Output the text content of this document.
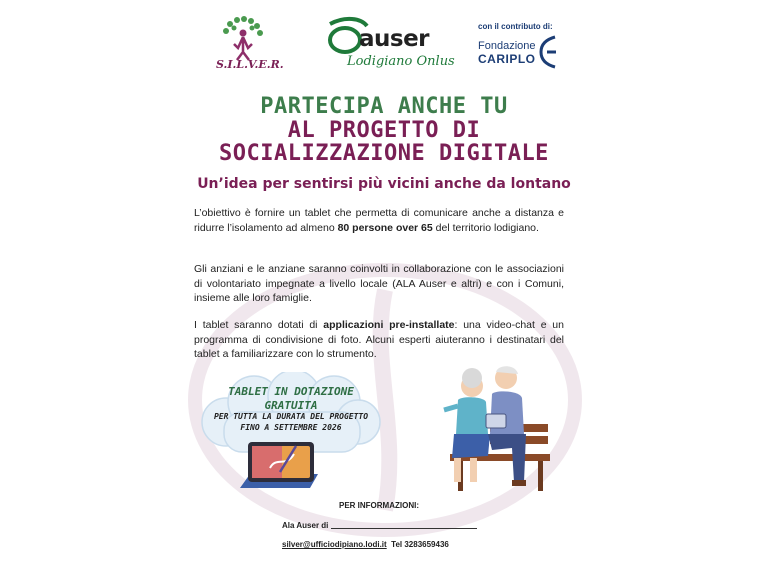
S.I.L.V.E.R.
auser
Lodigiano Onlus
con il contributo di:
Fondazione
CARIPLO
PARTECIPA ANCHE TU
AL PROGETTO DI
SOCIALIZZAZIONE DIGITALE
Un’idea per sentirsi più vicini anche da lontano
L’obiettivo è fornire un tablet che permetta di comunicare anche a distanza e ridurre l’isolamento ad almeno 80 persone over 65 del territorio lodigiano.
Gli anziani e le anziane saranno coinvolti in collaborazione con le associazioni di volontariato impegnate a livello locale (ALA Auser e altri) e con i Comuni, insieme alle loro famiglie.
I tablet saranno dotati di applicazioni pre-installate: una video-chat e un programma di condivisione di foto. Alcuni esperti aiuteranno i destinatari del tablet a familiarizzare con lo strumento.
TABLET IN DOTAZIONE
GRATUITA
PER TUTTA LA DURATA DEL PROGETTO
FINO A SETTEMBRE 2026
PER INFORMAZIONI:
Ala Auser di
silver@ufficiodipiano.lodi.it Tel 3283659436
